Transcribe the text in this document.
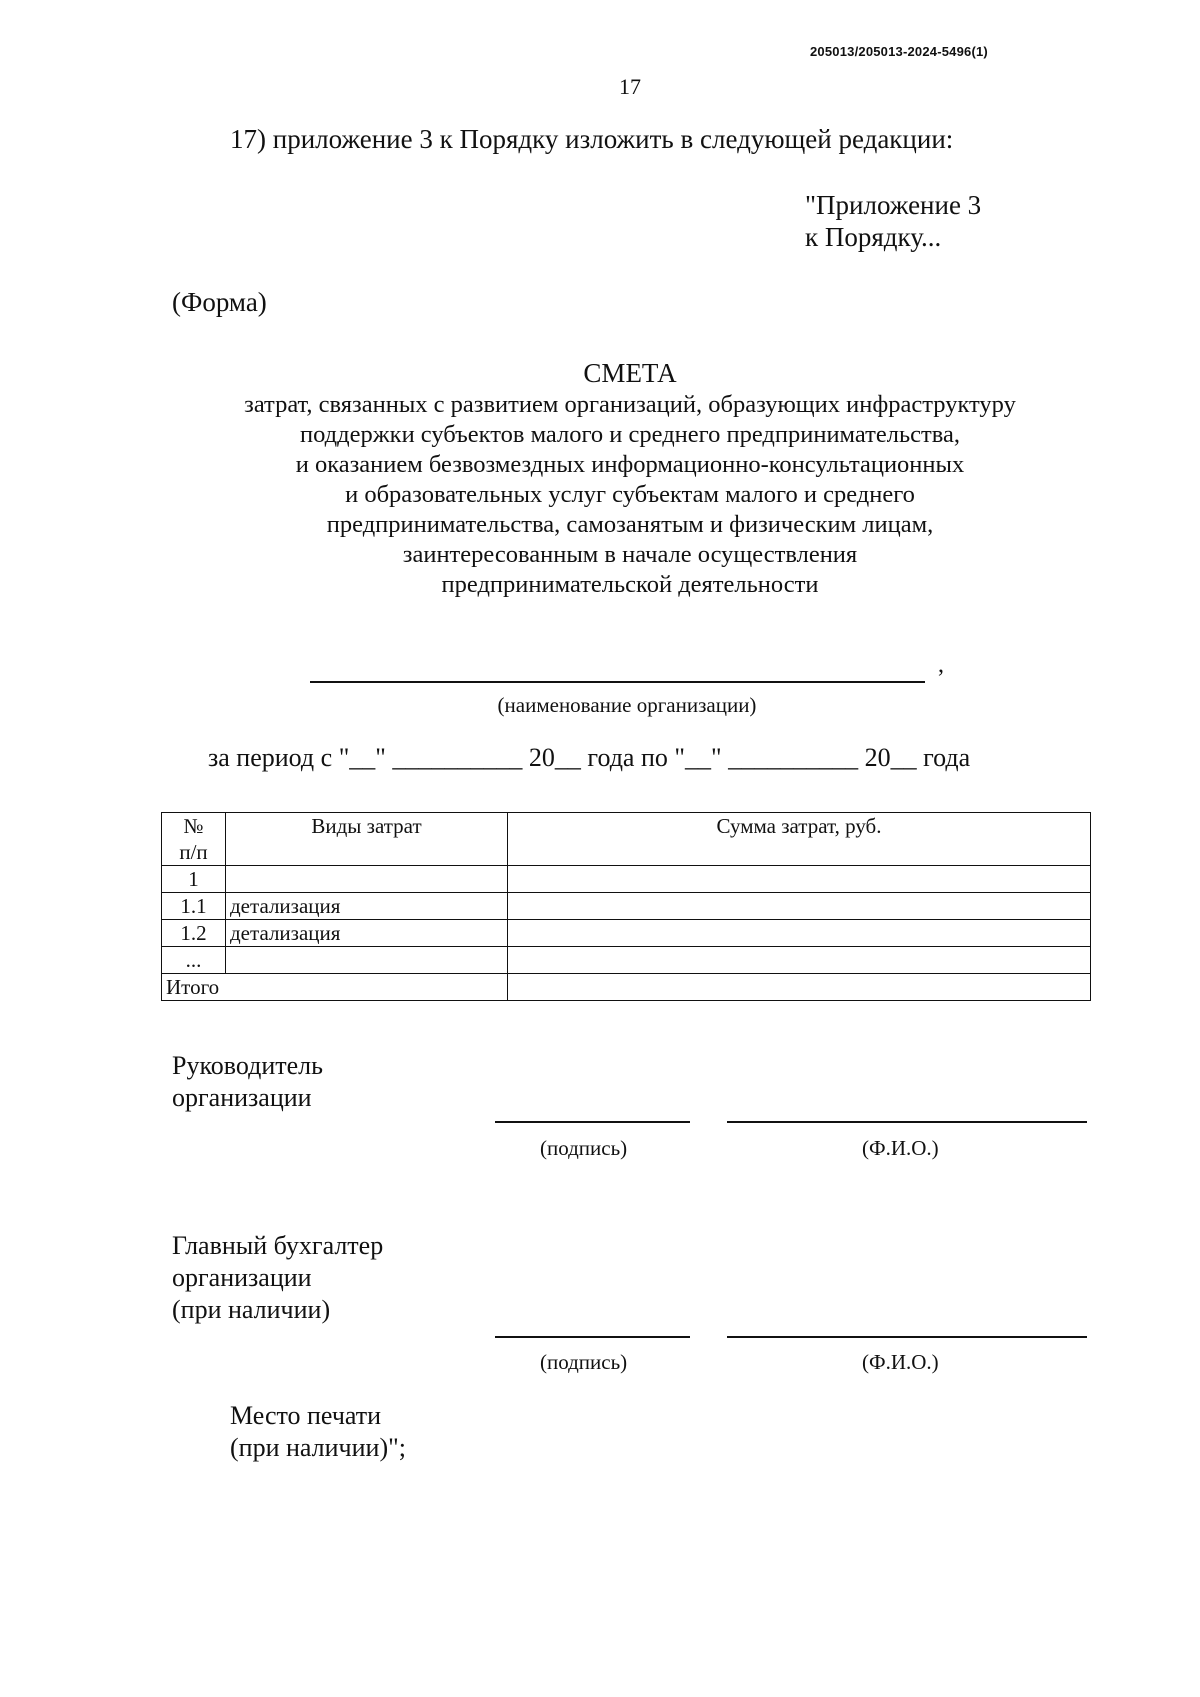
205013/205013-2024-5496(1)
17
17) приложение 3 к Порядку изложить в следующей редакции:
"Приложение 3
к Порядку...
(Форма)
СМЕТА
затрат, связанных с развитием организаций, образующих инфраструктуру
поддержки субъектов малого и среднего предпринимательства,
и оказанием безвозмездных информационно-консультационных
и образовательных услуг субъектам малого и среднего
предпринимательства, самозанятым и физическим лицам,
заинтересованным в начале осуществления
предпринимательской деятельности
,
(наименование организации)
за период с "__" __________ 20__ года по "__" __________ 20__ года
№
п/п	Виды затрат	Сумма затрат, руб.
1		
1.1	детализация	
1.2	детализация	
...		
Итого		
Руководитель
организации
(подпись)	(Ф.И.О.)
Главный бухгалтер
организации
(при наличии)
(подпись)	(Ф.И.О.)
Место печати
(при наличии)";
